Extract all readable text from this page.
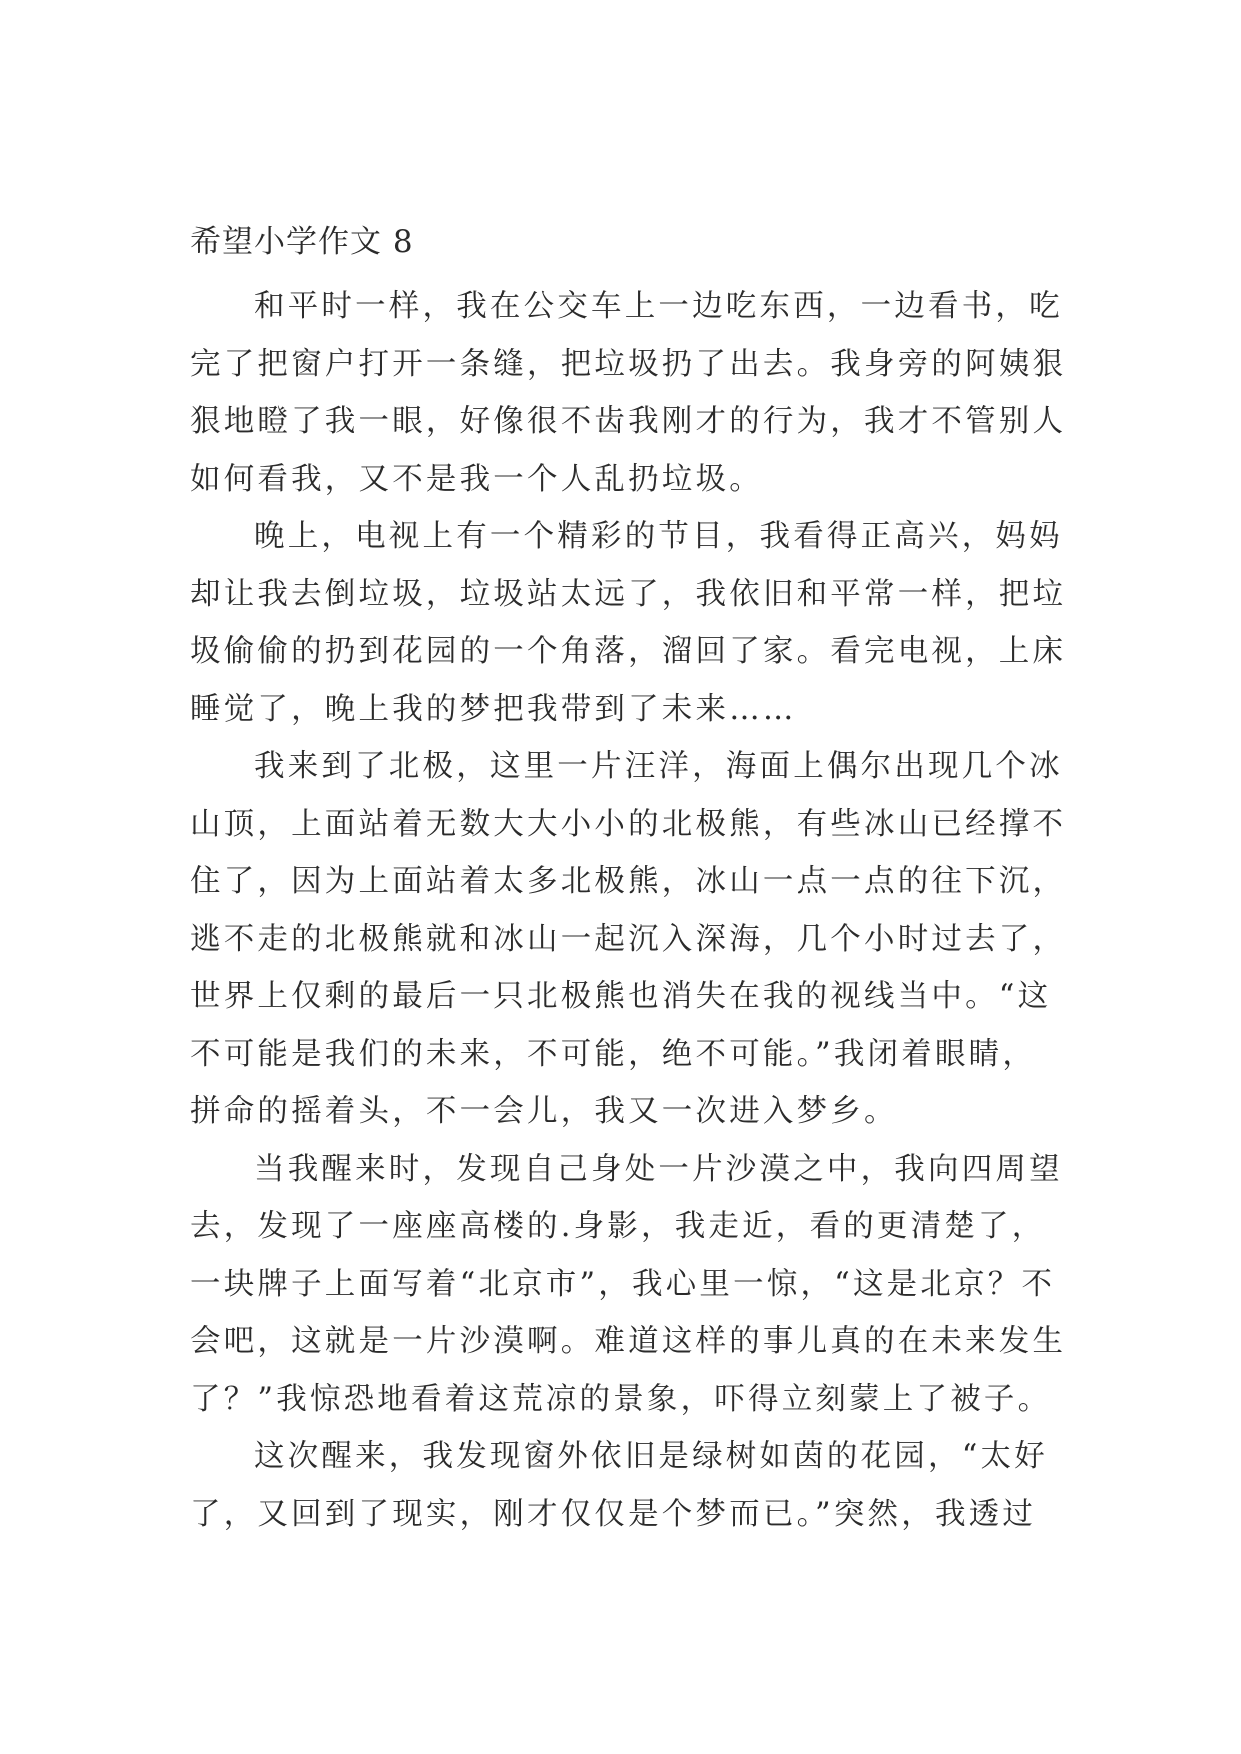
希望小学作文 8
和平时一样，我在公交车上一边吃东西，一边看书，吃
完了把窗户打开一条缝，把垃圾扔了出去。我身旁的阿姨狠
狠地瞪了我一眼，好像很不齿我刚才的行为，我才不管别人
如何看我，又不是我一个人乱扔垃圾。
晚上，电视上有一个精彩的节目，我看得正高兴，妈妈
却让我去倒垃圾，垃圾站太远了，我依旧和平常一样，把垃
圾偷偷的扔到花园的一个角落，溜回了家。看完电视，上床
睡觉了，晚上我的梦把我带到了未来……
我来到了北极，这里一片汪洋，海面上偶尔出现几个冰
山顶，上面站着无数大大小小的北极熊，有些冰山已经撑不
住了，因为上面站着太多北极熊，冰山一点一点的往下沉，
逃不走的北极熊就和冰山一起沉入深海，几个小时过去了，
世界上仅剩的最后一只北极熊也消失在我的视线当中。“这
不可能是我们的未来，不可能，绝不可能。”我闭着眼睛，
拼命的摇着头，不一会儿，我又一次进入梦乡。
当我醒来时，发现自己身处一片沙漠之中，我向四周望
去，发现了一座座高楼的.身影，我走近，看的更清楚了，
一块牌子上面写着“北京市”，我心里一惊，“这是北京？不
会吧，这就是一片沙漠啊。难道这样的事儿真的在未来发生
了？”我惊恐地看着这荒凉的景象，吓得立刻蒙上了被子。
这次醒来，我发现窗外依旧是绿树如茵的花园，“太好
了，又回到了现实，刚才仅仅是个梦而已。”突然，我透过
